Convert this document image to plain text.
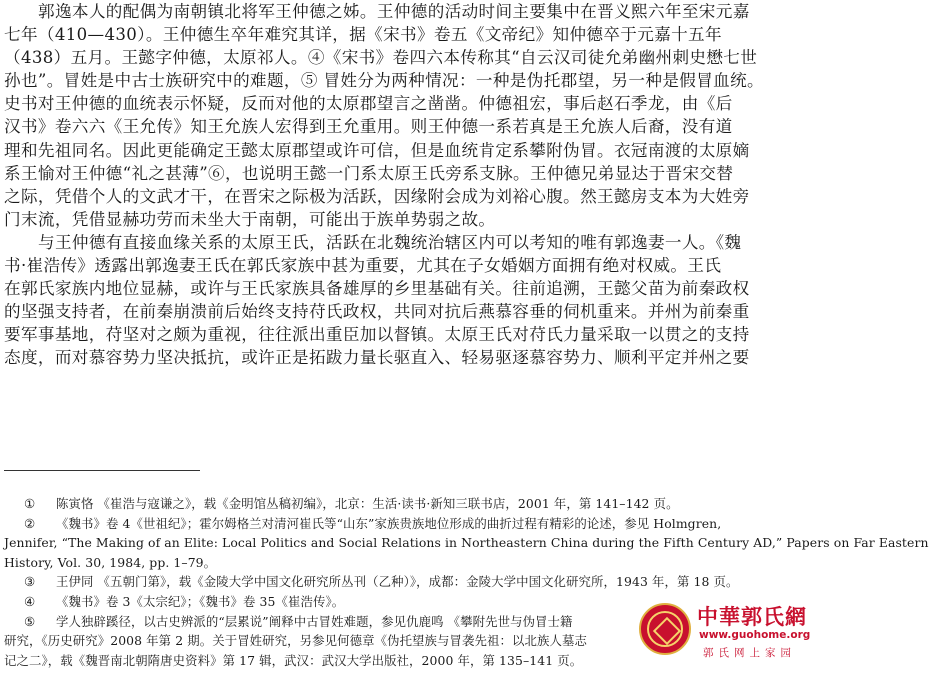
郭逸本人的配偶为南朝镇北将军王仲德之姊。王仲德的活动时间主要集中在晋义熙六年至宋元嘉
七年（410—430）。王仲德生卒年难究其详，据《宋书》卷五《文帝纪》知仲德卒于元嘉十五年
（438）五月。王懿字仲德，太原祁人。④《宋书》卷四六本传称其“自云汉司徒允弟幽州刺史懋七世
孙也”。冒姓是中古士族研究中的难题，⑤ 冒姓分为两种情况：一种是伪托郡望，另一种是假冒血统。
史书对王仲德的血统表示怀疑，反而对他的太原郡望言之凿凿。仲德祖宏，事后赵石季龙，由《后
汉书》卷六六《王允传》知王允族人宏得到王允重用。则王仲德一系若真是王允族人后裔，没有道
理和先祖同名。因此更能确定王懿太原郡望或许可信，但是血统肯定系攀附伪冒。衣冠南渡的太原嫡
系王愉对王仲德“礼之甚薄”⑥，也说明王懿一门系太原王氏旁系支脉。王仲德兄弟显达于晋宋交替
之际，凭借个人的文武才干，在晋宋之际极为活跃，因缘附会成为刘裕心腹。然王懿房支本为大姓旁
门末流，凭借显赫功劳而未坐大于南朝，可能出于族单势弱之故。
与王仲德有直接血缘关系的太原王氏，活跃在北魏统治辖区内可以考知的唯有郭逸妻一人。《魏
书·崔浩传》透露出郭逸妻王氏在郭氏家族中甚为重要，尤其在子女婚姻方面拥有绝对权威。王氏
在郭氏家族内地位显赫，或许与王氏家族具备雄厚的乡里基础有关。往前追溯，王懿父苗为前秦政权
的坚强支持者，在前秦崩溃前后始终支持苻氏政权，共同对抗后燕慕容垂的伺机重来。并州为前秦重
要军事基地，苻坚对之颇为重视，往往派出重臣加以督镇。太原王氏对苻氏力量采取一以贯之的支持
态度，而对慕容势力坚决抵抗，或许正是拓跋力量长驱直入、轻易驱逐慕容势力、顺利平定并州之要
① 陈寅恪 《崔浩与寇谦之》，载《金明馆丛稿初编》，北京：生活·读书·新知三联书店，2001 年，第 141–142 页。
② 《魏书》卷 4《世祖纪》；霍尔姆格兰对清河崔氏等“山东”家族贵族地位形成的曲折过程有精彩的论述，参见 Holmgren,
Jennifer, “The Making of an Elite: Local Politics and Social Relations in Northeastern China during the Fifth Century AD,” Papers on Far Eastern
History, Vol. 30, 1984, pp. 1–79。
③ 王伊同 《五朝门第》，载《金陵大学中国文化研究所丛刊（乙种）》，成都：金陵大学中国文化研究所，1943 年，第 18 页。
④ 《魏书》卷 3《太宗纪》；《魏书》卷 35《崔浩传》。
⑤ 学人独辟蹊径，以古史辨派的“层累说”阐释中古冒姓难题，参见仇鹿鸣 《攀附先世与伪冒士籍
研究，《历史研究》2008 年第 2 期。关于冒姓研究，另参见何德章《伪托望族与冒袭先祖：以北族人墓志
记之二》，载《魏晋南北朝隋唐史资料》第 17 辑，武汉：武汉大学出版社，2000 年，第 135–141 页。
中華郭氏網
www.guohome.org
郭氏网上家园
